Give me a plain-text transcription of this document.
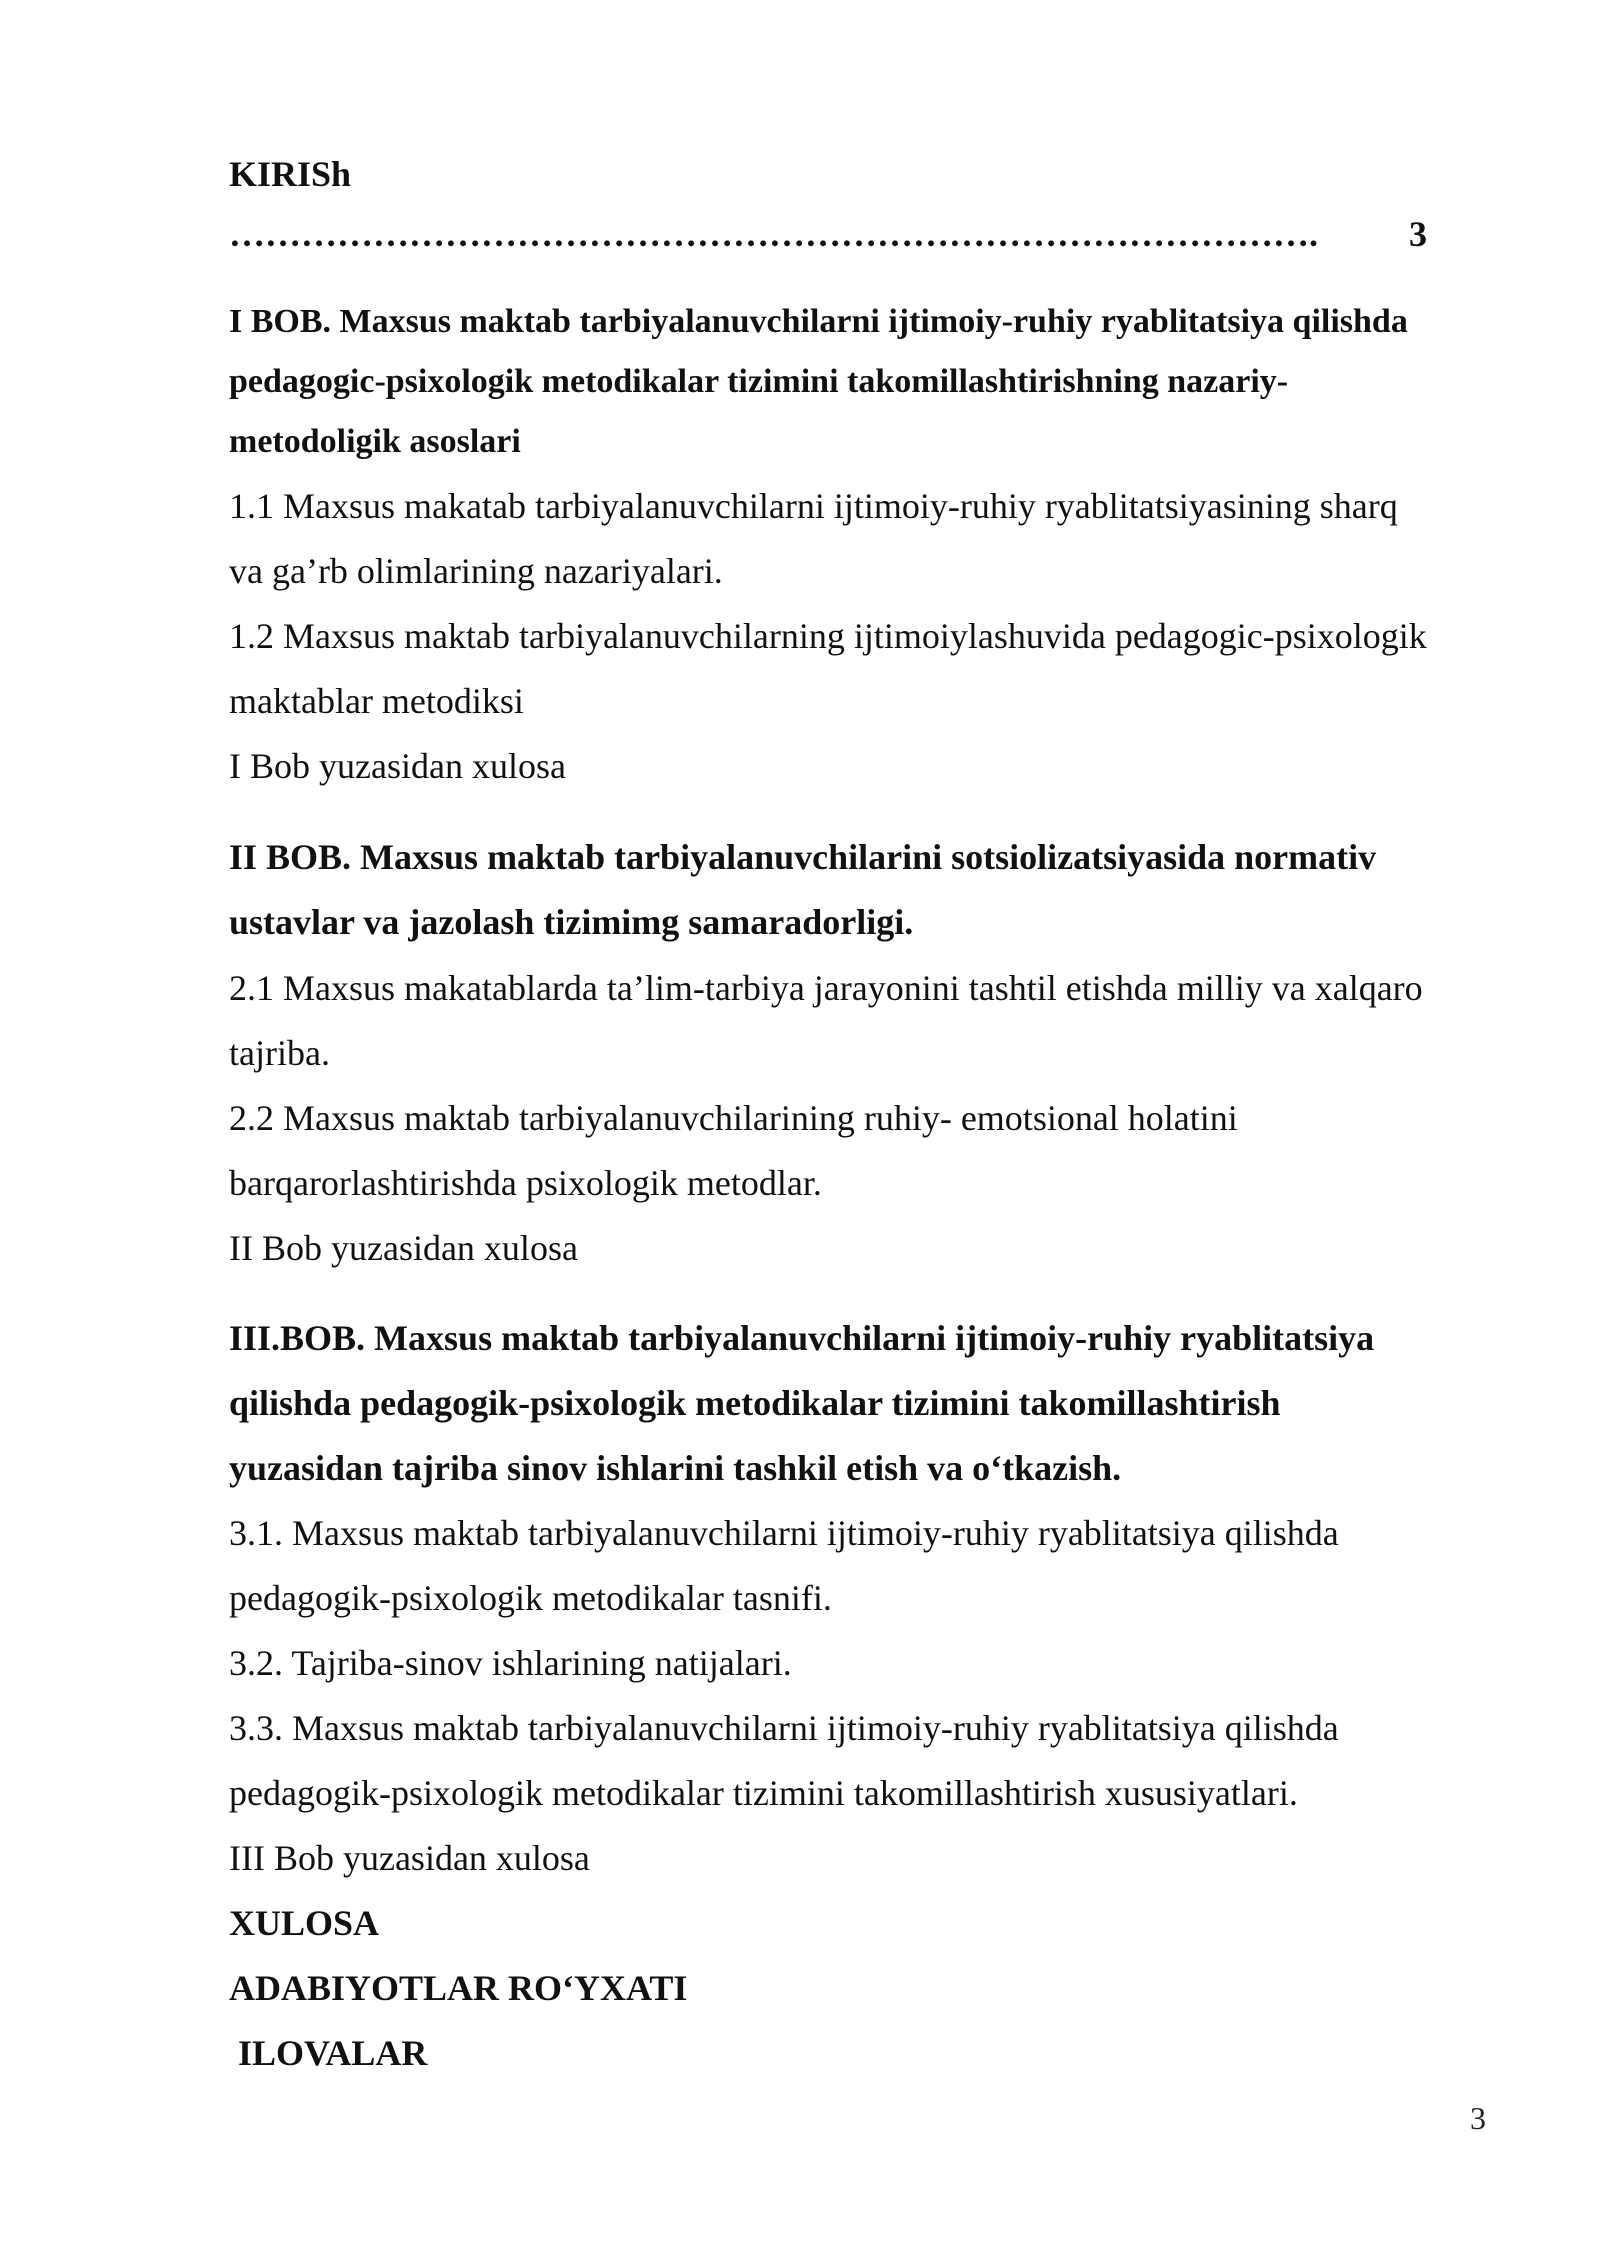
KIRISh
……………………………………………………………………………….	3
I BOB. Maxsus maktab tarbiyalanuvchilarni ijtimoiy-ruhiy ryablitatsiya qilishda
pedagogic-psixologik metodikalar tizimini takomillashtirishning nazariy-
metodoligik asoslari
1.1 Maxsus makatab tarbiyalanuvchilarni ijtimoiy-ruhiy ryablitatsiyasining sharq
va ga’rb olimlarining nazariyalari.
1.2 Maxsus maktab tarbiyalanuvchilarning ijtimoiylashuvida pedagogic-psixologik
maktablar metodiksi
I Bob yuzasidan xulosa
II BOB. Maxsus maktab tarbiyalanuvchilarini sotsiolizatsiyasida normativ
ustavlar va jazolash tizimimg samaradorligi.
2.1 Maxsus makatablarda ta’lim-tarbiya jarayonini tashtil etishda milliy va xalqaro
tajriba.
2.2 Maxsus maktab tarbiyalanuvchilarining ruhiy- emotsional holatini
barqarorlashtirishda psixologik metodlar.
II Bob yuzasidan xulosa
III.BOB. Maxsus maktab tarbiyalanuvchilarni ijtimoiy-ruhiy ryablitatsiya
qilishda pedagogik-psixologik metodikalar tizimini takomillashtirish
yuzasidan tajriba sinov ishlarini tashkil etish va o‘tkazish.
3.1. Maxsus maktab tarbiyalanuvchilarni ijtimoiy-ruhiy ryablitatsiya qilishda
pedagogik-psixologik metodikalar tasnifi.
3.2. Tajriba-sinov ishlarining natijalari.
3.3. Maxsus maktab tarbiyalanuvchilarni ijtimoiy-ruhiy ryablitatsiya qilishda
pedagogik-psixologik metodikalar tizimini takomillashtirish xususiyatlari.
III Bob yuzasidan xulosa
XULOSA
ADABIYOTLAR RO‘YXATI
ILOVALAR
3
